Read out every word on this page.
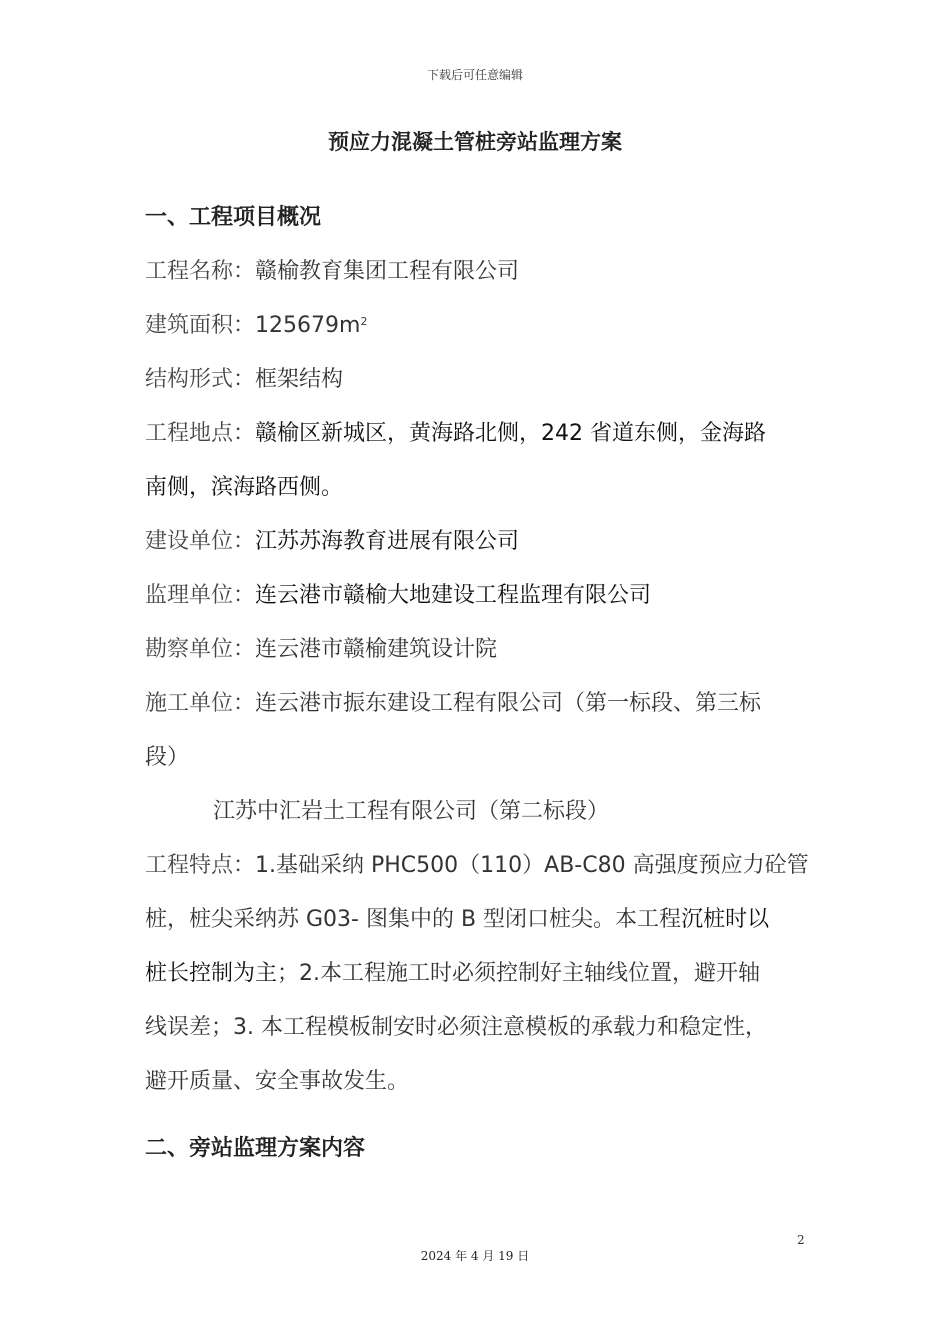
下载后可任意编辑
预应力混凝土管桩旁站监理方案
一、工程项目概况
工程名称：赣榆教育集团工程有限公司
建筑面积：$125679m^2$
结构形式：框架结构
工程地点：赣榆区新城区，黄海路北侧，242 省道东侧，金海路
南侧，滨海路西侧。
建设单位：江苏苏海教育进展有限公司
监理单位：连云港市赣榆大地建设工程监理有限公司
勘察单位：连云港市赣榆建筑设计院
施工单位：连云港市振东建设工程有限公司（第一标段、第三标
段）
江苏中汇岩土工程有限公司（第二标段）
工程特点：1.基础采纳 PHC500（110）AB-C80 高强度预应力砼管
桩，桩尖采纳苏 G03- 图集中的 B 型闭口桩尖。本工程沉桩时以
桩长控制为主；2.本工程施工时必须控制好主轴线位置，避开轴
线误差；3. 本工程模板制安时必须注意模板的承载力和稳定性，
避开质量、安全事故发生。
二、旁站监理方案内容
2
2024 年 4 月 19 日
